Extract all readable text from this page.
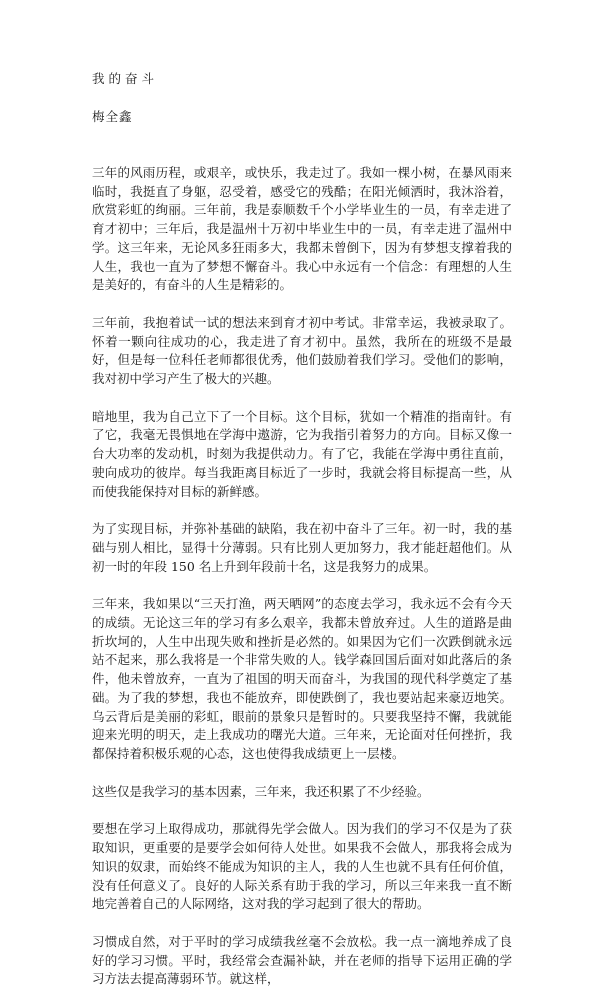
我的奋斗
梅全鑫

三年的风雨历程，或艰辛，或快乐，我走过了。我如一棵小树，在暴风雨来临时，我挺直了身躯，忍受着，感受它的残酷；在阳光倾洒时，我沐浴着，欣赏彩虹的绚丽。三年前，我是泰顺数千个小学毕业生的一员，有幸走进了育才初中；三年后，我是温州十万初中毕业生中的一员，有幸走进了温州中学。这三年来，无论风多狂雨多大，我都未曾倒下，因为有梦想支撑着我的人生，我也一直为了梦想不懈奋斗。我心中永远有一个信念：有理想的人生是美好的，有奋斗的人生是精彩的。

三年前，我抱着试一试的想法来到育才初中考试。非常幸运，我被录取了。怀着一颗向往成功的心，我走进了育才初中。虽然，我所在的班级不是最好，但是每一位科任老师都很优秀，他们鼓励着我们学习。受他们的影响，我对初中学习产生了极大的兴趣。

暗地里，我为自己立下了一个目标。这个目标，犹如一个精准的指南针。有了它，我毫无畏惧地在学海中遨游，它为我指引着努力的方向。目标又像一台大功率的发动机，时刻为我提供动力。有了它，我能在学海中勇往直前，驶向成功的彼岸。每当我距离目标近了一步时，我就会将目标提高一些，从而使我能保持对目标的新鲜感。

为了实现目标，并弥补基础的缺陷，我在初中奋斗了三年。初一时，我的基础与别人相比，显得十分薄弱。只有比别人更加努力，我才能赶超他们。从初一时的年段 150 名上升到年段前十名，这是我努力的成果。

三年来，我如果以“三天打渔，两天晒网”的态度去学习，我永远不会有今天的成绩。无论这三年的学习有多么艰辛，我都未曾放弃过。人生的道路是曲折坎坷的，人生中出现失败和挫折是必然的。如果因为它们一次跌倒就永远站不起来，那么我将是一个非常失败的人。钱学森回国后面对如此落后的条件，他未曾放弃，一直为了祖国的明天而奋斗，为我国的现代科学奠定了基础。为了我的梦想，我也不能放弃，即使跌倒了，我也要站起来豪迈地笑。乌云背后是美丽的彩虹，眼前的景象只是暂时的。只要我坚持不懈，我就能迎来光明的明天，走上我成功的曙光大道。三年来，无论面对任何挫折，我都保持着积极乐观的心态，这也使得我成绩更上一层楼。

这些仅是我学习的基本因素，三年来，我还积累了不少经验。

要想在学习上取得成功，那就得先学会做人。因为我们的学习不仅是为了获取知识，更重要的是要学会如何待人处世。如果我不会做人，那我将会成为知识的奴隶，而始终不能成为知识的主人，我的人生也就不具有任何价值，没有任何意义了。良好的人际关系有助于我的学习，所以三年来我一直不断地完善着自己的人际网络，这对我的学习起到了很大的帮助。

习惯成自然，对于平时的学习成绩我丝毫不会放松。我一点一滴地养成了良好的学习习惯。平时，我经常会查漏补缺，并在老师的指导下运用正确的学习方法去提高薄弱环节。就这样，
